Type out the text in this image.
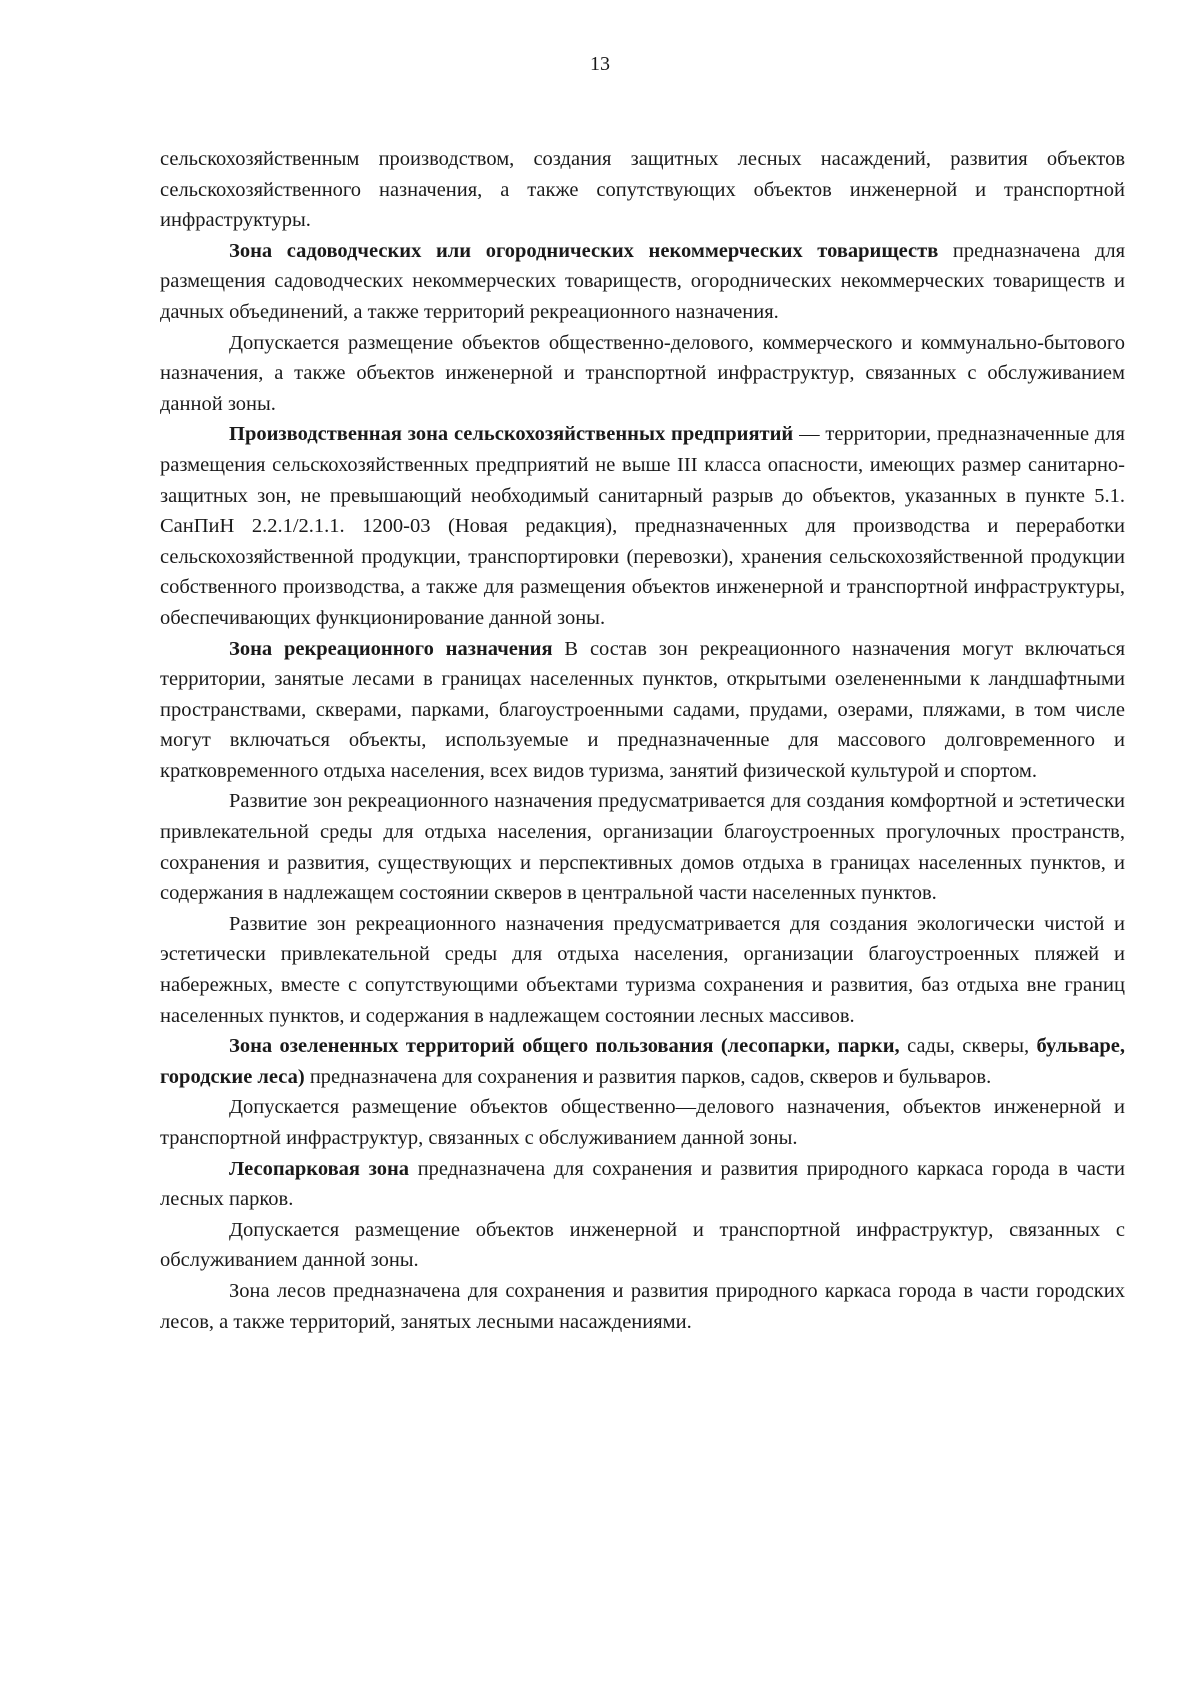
13

сельскохозяйственным производством, создания защитных лесных насаждений, развития объектов сельскохозяйственного назначения, а также сопутствующих объектов инженерной и транспортной инфраструктуры.

Зона садоводческих или огороднических некоммерческих товариществ предназначена для размещения садоводческих некоммерческих товариществ, огороднических некоммерческих товариществ и дачных объединений, а также территорий рекреационного назначения.

Допускается размещение объектов общественно-делового, коммерческого и коммунально-бытового назначения, а также объектов инженерной и транспортной инфраструктур, связанных с обслуживанием данной зоны.

Производственная зона сельскохозяйственных предприятий — территории, предназначенные для размещения сельскохозяйственных предприятий не выше III класса опасности, имеющих размер санитарно-защитных зон, не превышающий необходимый санитарный разрыв до объектов, указанных в пункте 5.1. СанПиН 2.2.1/2.1.1. 1200-03 (Новая редакция), предназначенных для производства и переработки сельскохозяйственной продукции, транспортировки (перевозки), хранения сельскохозяйственной продукции собственного производства, а также для размещения объектов инженерной и транспортной инфраструктуры, обеспечивающих функционирование данной зоны.

Зона рекреационного назначения В состав зон рекреационного назначения могут включаться территории, занятые лесами в границах населенных пунктов, открытыми озелененными к ландшафтными пространствами, скверами, парками, благоустроенными садами, прудами, озерами, пляжами, в том числе могут включаться объекты, используемые и предназначенные для массового долговременного и кратковременного отдыха населения, всех видов туризма, занятий физической культурой и спортом.

Развитие зон рекреационного назначения предусматривается для создания комфортной и эстетически привлекательной среды для отдыха населения, организации благоустроенных прогулочных пространств, сохранения и развития, существующих и перспективных домов отдыха в границах населенных пунктов, и содержания в надлежащем состоянии скверов в центральной части населенных пунктов.

Развитие зон рекреационного назначения предусматривается для создания экологически чистой и эстетически привлекательной среды для отдыха населения, организации благоустроенных пляжей и набережных, вместе с сопутствующими объектами туризма сохранения и развития, баз отдыха вне границ населенных пунктов, и содержания в надлежащем состоянии лесных массивов.

Зона озелененных территорий общего пользования (лесопарки, парки, сады, скверы, бульваре, городские леса) предназначена для сохранения и развития парков, садов, скверов и бульваров.

Допускается размещение объектов общественно—делового назначения, объектов инженерной и транспортной инфраструктур, связанных с обслуживанием данной зоны.

Лесопарковая зона предназначена для сохранения и развития природного каркаса города в части лесных парков.

Допускается размещение объектов инженерной и транспортной инфраструктур, связанных с обслуживанием данной зоны.

Зона лесов предназначена для сохранения и развития природного каркаса города в части городских лесов, а также территорий, занятых лесными насаждениями.
